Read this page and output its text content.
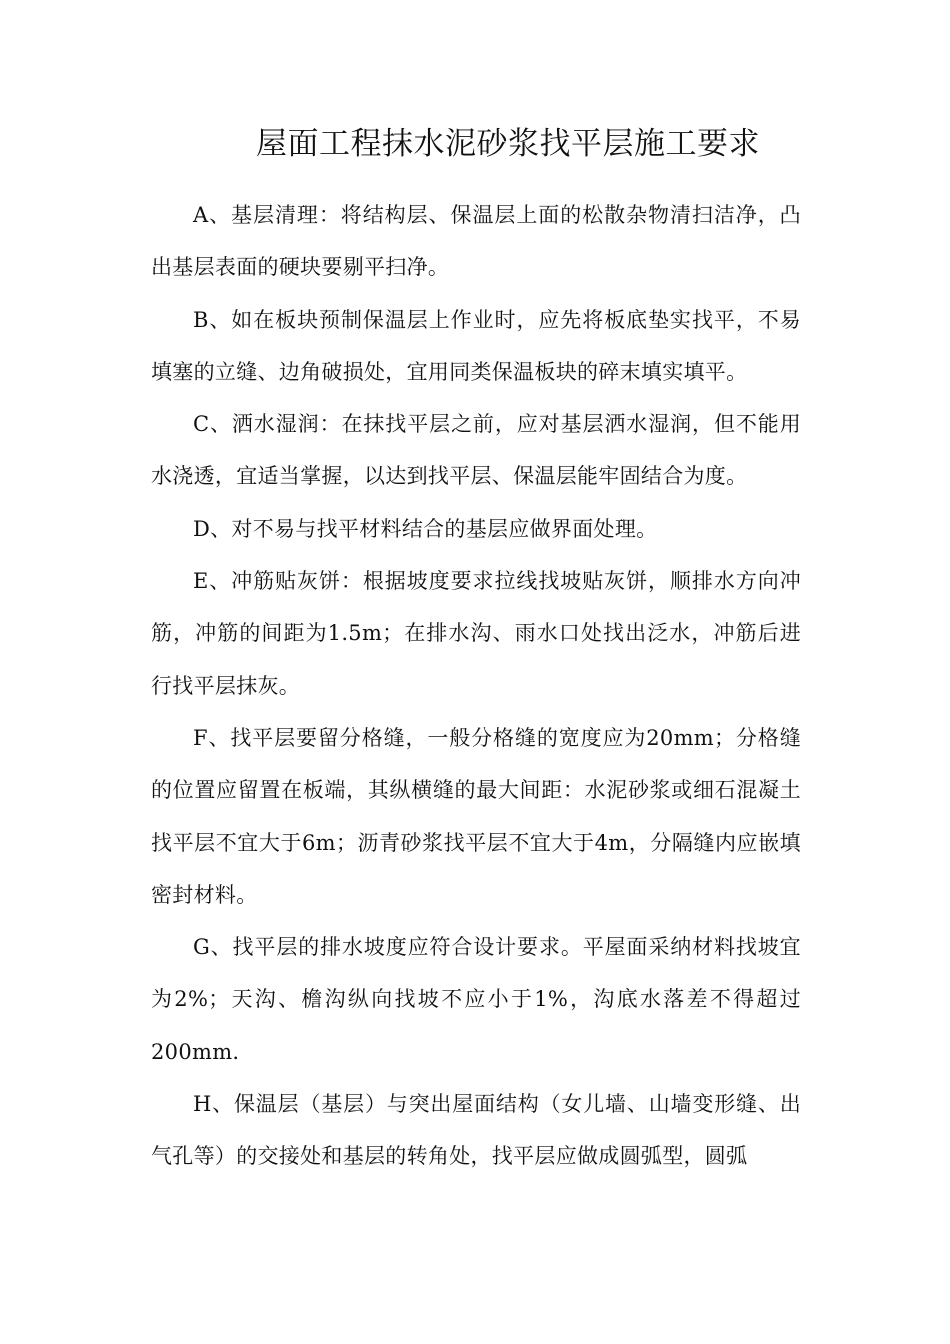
屋面工程抹水泥砂浆找平层施工要求

A、基层清理：将结构层、保温层上面的松散杂物清扫洁净，凸出基层表面的硬块要剔平扫净。

B、如在板块预制保温层上作业时，应先将板底垫实找平，不易填塞的立缝、边角破损处，宜用同类保温板块的碎末填实填平。

C、洒水湿润：在抹找平层之前，应对基层洒水湿润，但不能用水浇透，宜适当掌握，以达到找平层、保温层能牢固结合为度。

D、对不易与找平材料结合的基层应做界面处理。

E、冲筋贴灰饼：根据坡度要求拉线找坡贴灰饼，顺排水方向冲筋，冲筋的间距为1.5m；在排水沟、雨水口处找出泛水，冲筋后进行找平层抹灰。

F、找平层要留分格缝，一般分格缝的宽度应为20mm；分格缝的位置应留置在板端，其纵横缝的最大间距：水泥砂浆或细石混凝土找平层不宜大于6m；沥青砂浆找平层不宜大于4m，分隔缝内应嵌填密封材料。

G、找平层的排水坡度应符合设计要求。平屋面采纳材料找坡宜为2%；天沟、檐沟纵向找坡不应小于1%，沟底水落差不得超过200mm.

H、保温层（基层）与突出屋面结构（女儿墙、山墙变形缝、出气孔等）的交接处和基层的转角处，找平层应做成圆弧型，圆弧
